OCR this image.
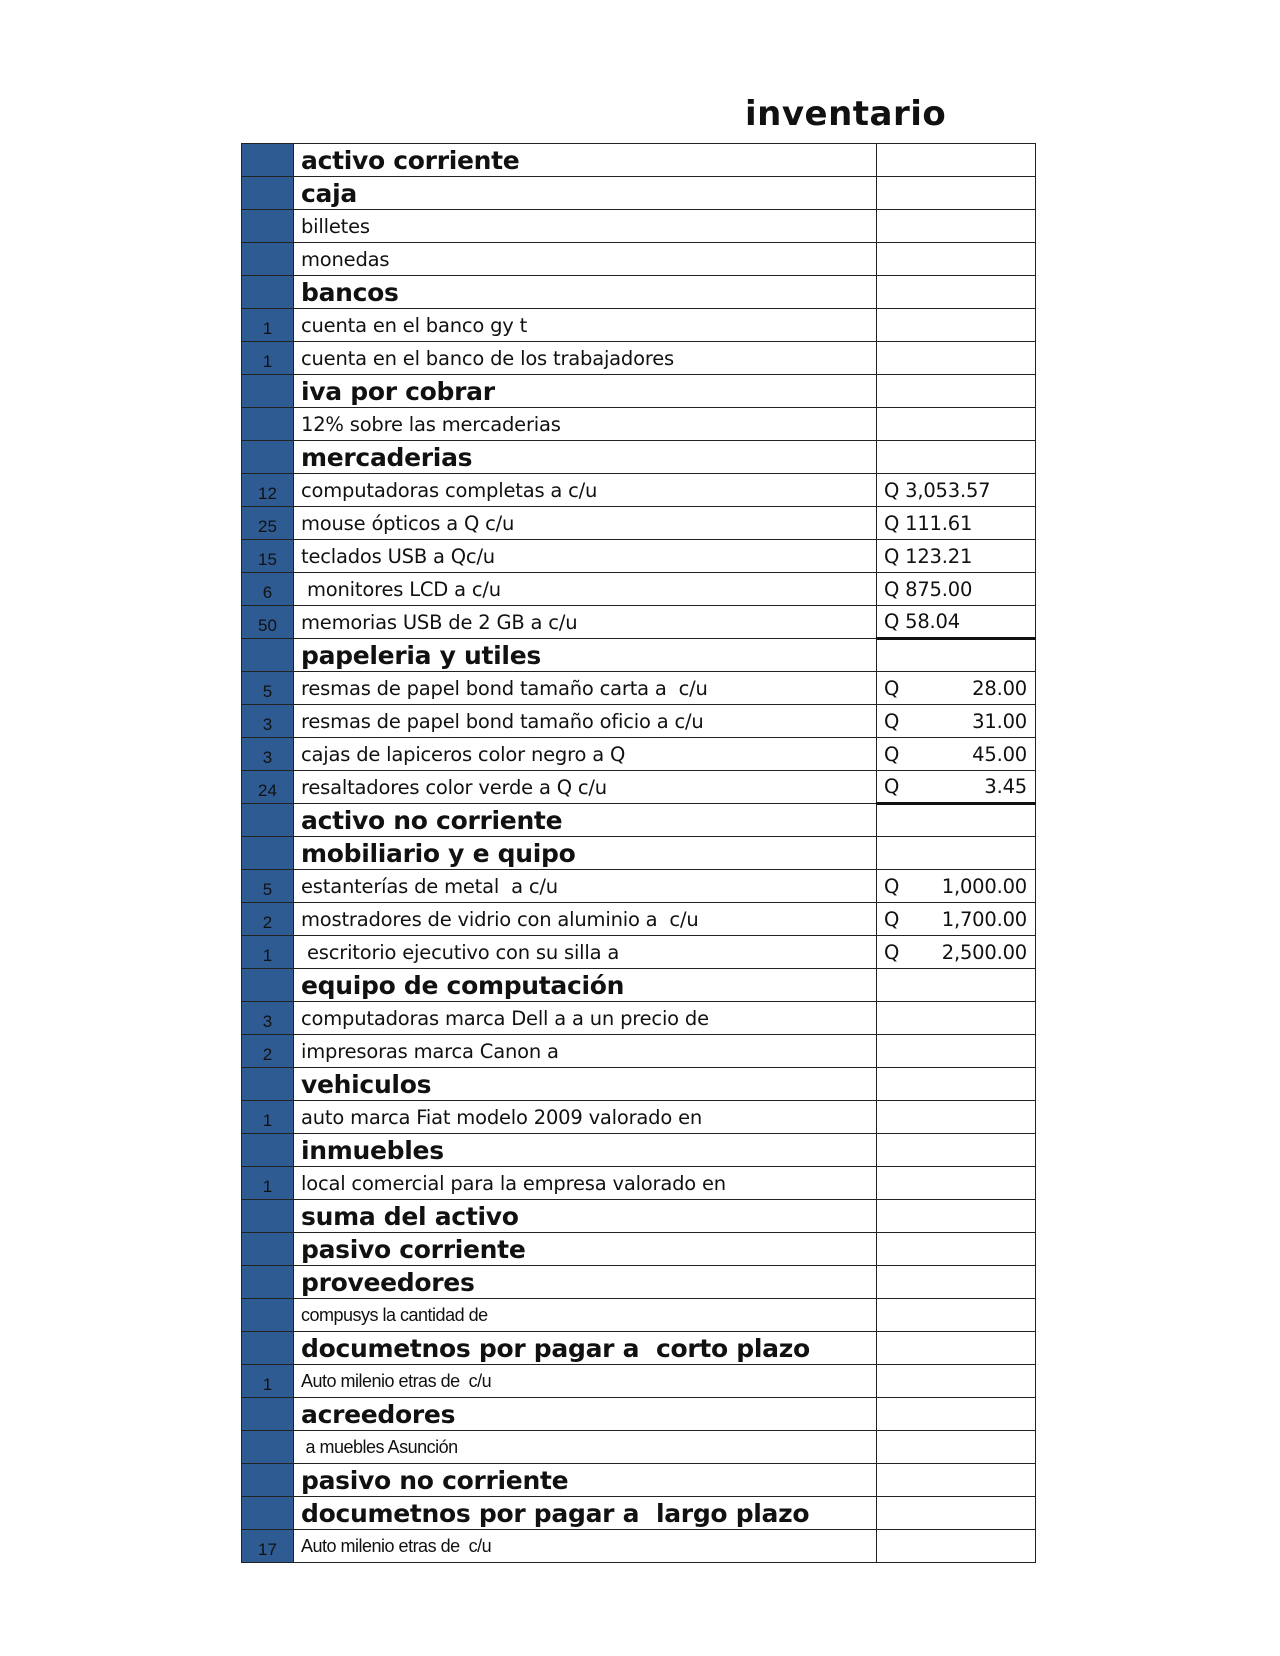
inventario
	activo corriente	
	caja	
	billetes	
	monedas	
	bancos	
1	cuenta en el banco gy t	
1	cuenta en el banco de los trabajadores	
	iva por cobrar	
	12% sobre las mercaderias	
	mercaderias	
12	computadoras completas a c/u	Q 3,053.57
25	mouse ópticos a Q c/u	Q 111.61
15	teclados USB a Qc/u	Q 123.21
6	monitores LCD a c/u	Q 875.00
50	memorias USB de 2 GB a c/u	Q 58.04
	papeleria y utiles	
5	resmas de papel bond tamaño carta a  c/u	Q 28.00

3	resmas de papel bond tamaño oficio a c/u	Q 31.00

3	cajas de lapiceros color negro a Q	Q 45.00

24	resaltadores color verde a Q c/u	Q 3.45

	activo no corriente	
	mobiliario y e quipo	
5	estanterías de metal  a c/u	Q 1,000.00

2	mostradores de vidrio con aluminio a  c/u	Q 1,700.00

1	escritorio ejecutivo con su silla a	Q 2,500.00

	equipo de computación	
3	computadoras marca Dell a a un precio de	
2	impresoras marca Canon a	
	vehiculos	
1	auto marca Fiat modelo 2009 valorado en	
	inmuebles	
1	local comercial para la empresa valorado en	
	suma del activo	
	pasivo corriente	
	proveedores	
	compusys la cantidad de	
	documetnos por pagar a  corto plazo	
1	Auto milenio etras de  c/u	
	acreedores	
	a muebles Asunción	
	pasivo no corriente	
	documetnos por pagar a  largo plazo	
17	Auto milenio etras de  c/u	
